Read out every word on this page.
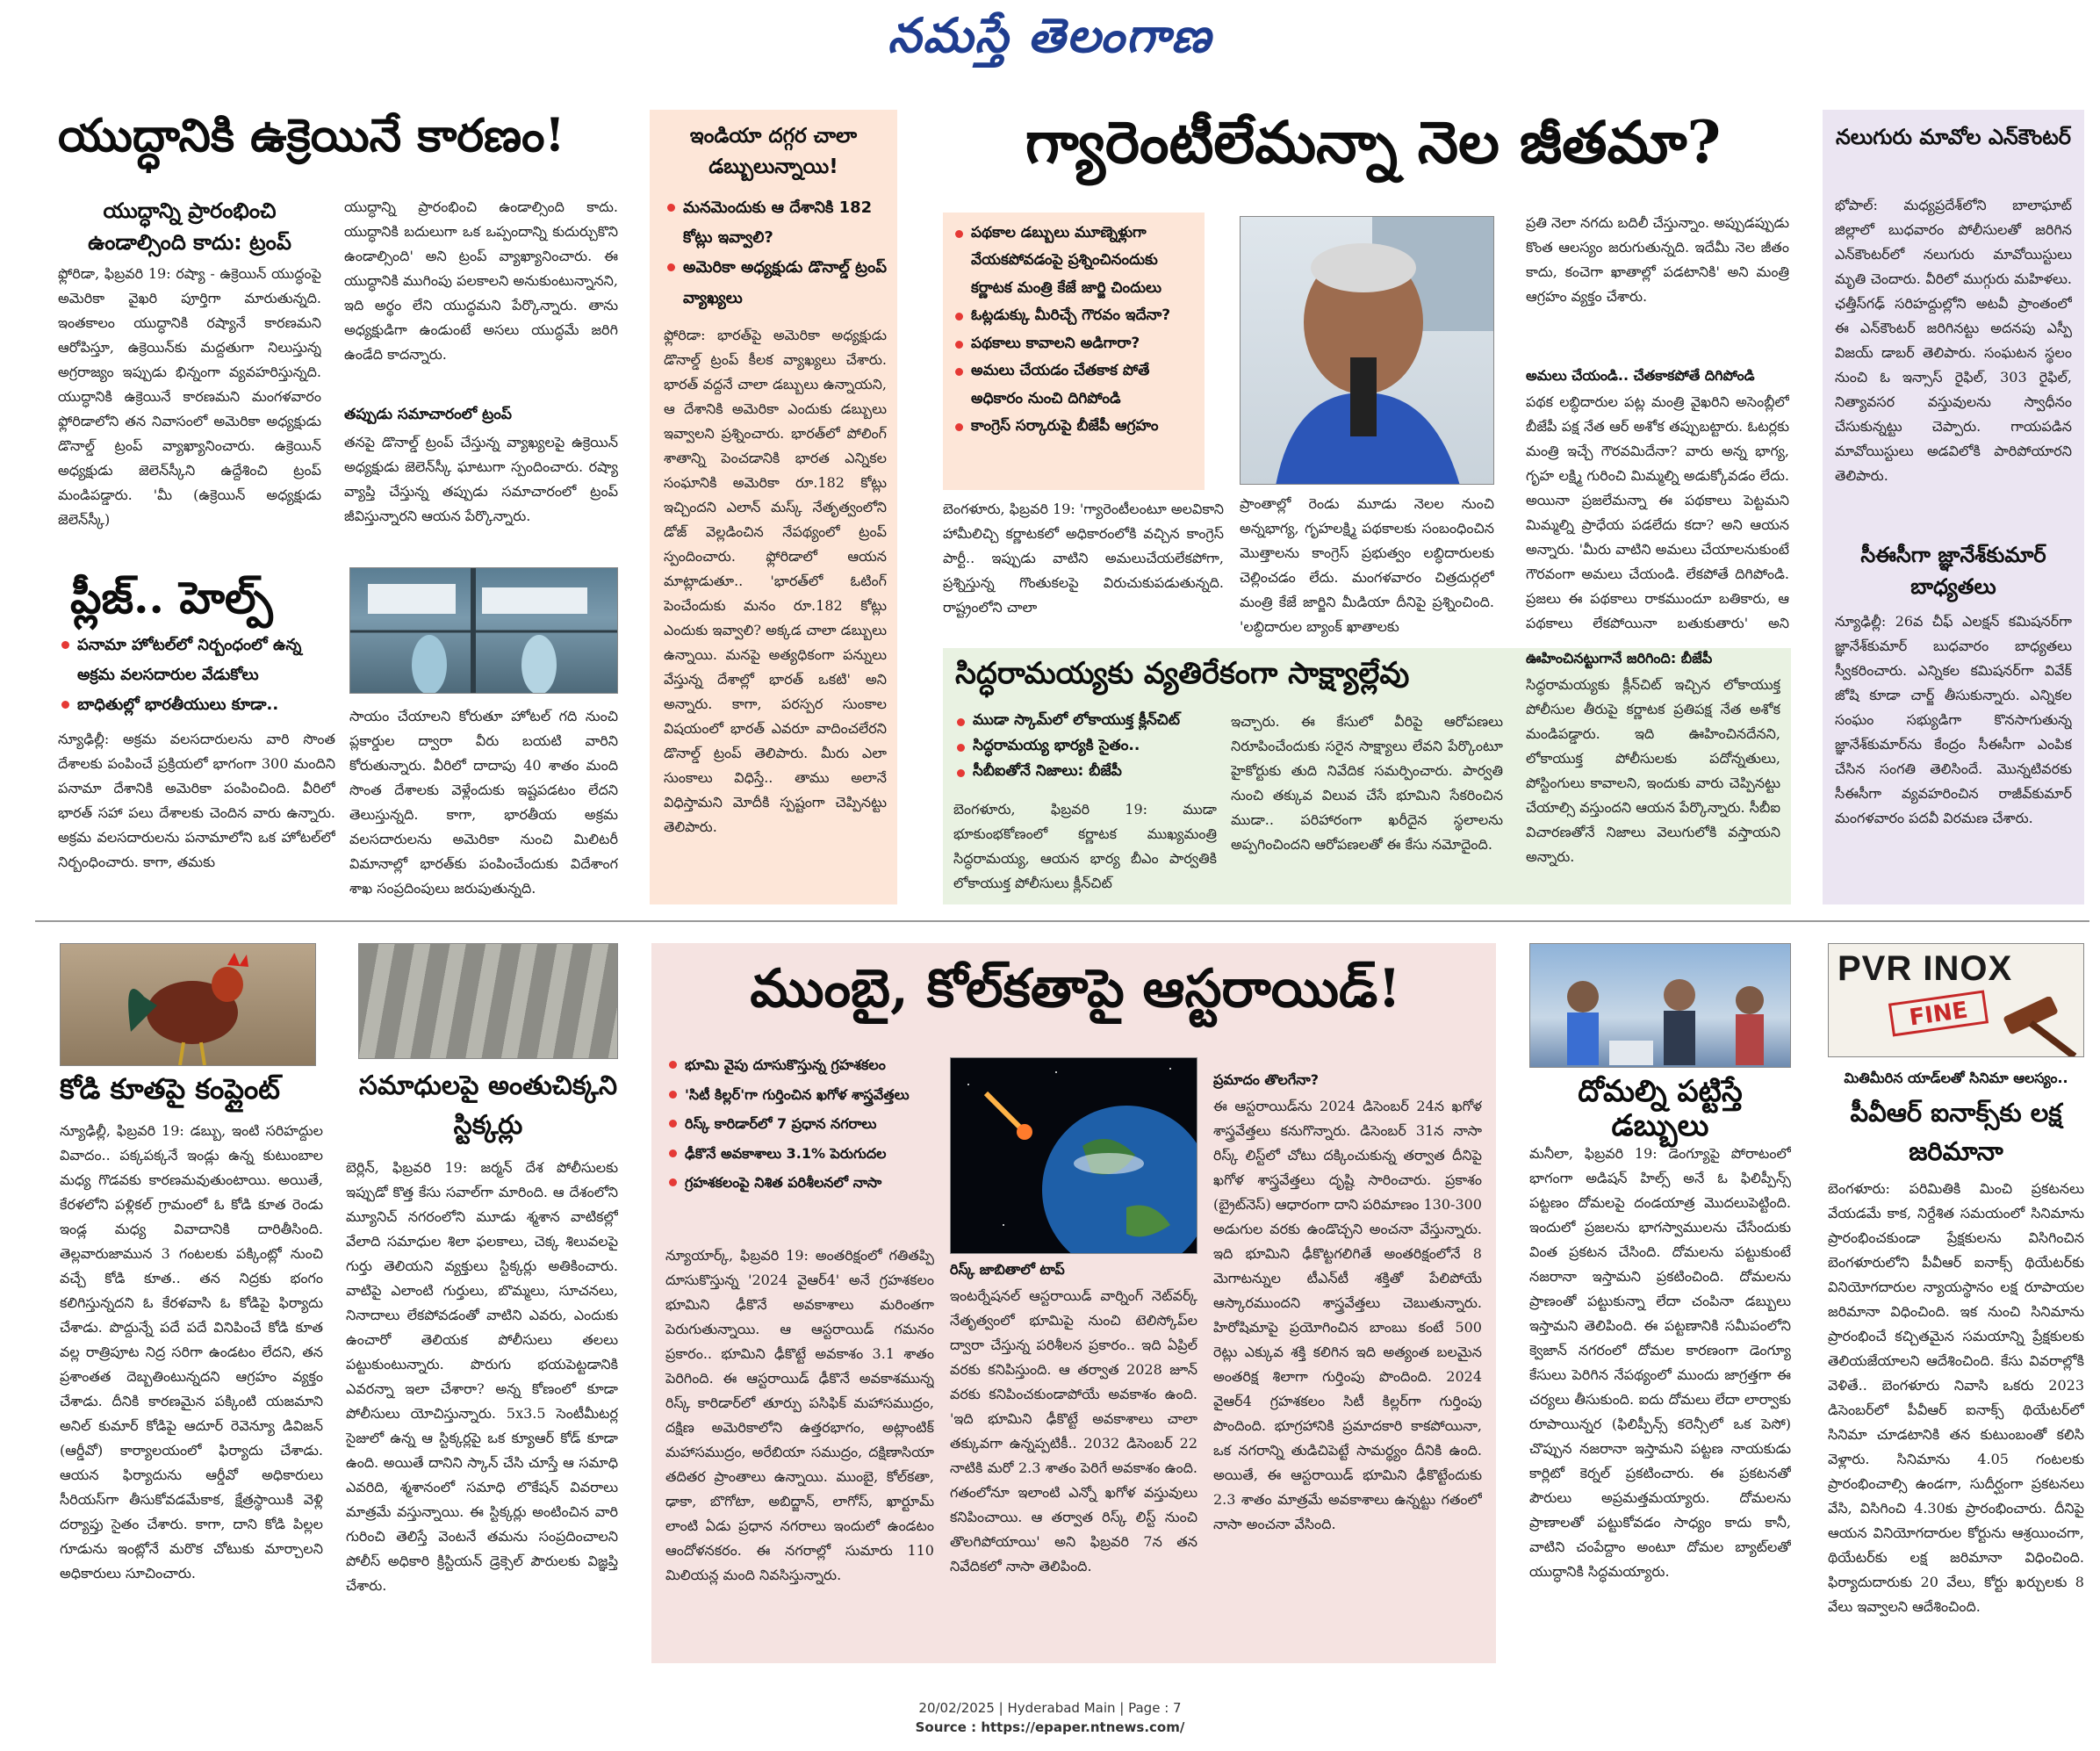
నమస్తే తెలంగాణ
యుద్ధానికి ఉక్రెయినే కారణం!
యుద్ధాన్ని ప్రారంభించి ఉండాల్సింది కాదు: ట్రంప్
ఫ్లోరిడా, ఫిబ్రవరి 19: రష్యా - ఉక్రెయిన్ యుద్ధంపై అమెరికా వైఖరి పూర్తిగా మారుతున్నది. ఇంతకాలం యుద్ధానికి రష్యానే కారణమని ఆరోపిస్తూ, ఉక్రెయిన్‌కు మద్దతుగా నిలుస్తున్న అగ్రరాజ్యం ఇప్పుడు భిన్నంగా వ్యవహరిస్తున్నది. యుద్ధానికి ఉక్రెయినే కారణమని మంగళవారం ఫ్లోరిడాలోని తన నివాసంలో అమెరికా అధ్యక్షుడు డొనాల్డ్ ట్రంప్ వ్యాఖ్యానించారు. ఉక్రెయిన్ అధ్యక్షుడు జెలెన్‌స్కీని ఉద్దేశించి ట్రంప్ మండిపడ్డారు. 'మీ (ఉక్రెయిన్ అధ్యక్షుడు జెలెన్‌స్కీ)
యుద్ధాన్ని ప్రారంభించి ఉండాల్సింది కాదు. యుద్ధానికి బదులుగా ఒక ఒప్పందాన్ని కుదుర్చుకొని ఉండాల్సింది' అని ట్రంప్ వ్యాఖ్యానించారు. ఈ యుద్ధానికి ముగింపు పలకాలని అనుకుంటున్నానని, ఇది అర్థం లేని యుద్ధమని పేర్కొన్నారు. తాను అధ్యక్షుడిగా ఉండుంటే అసలు యుద్ధమే జరిగి ఉండేది కాదన్నారు.
తప్పుడు సమాచారంలో ట్రంప్
తనపై డొనాల్డ్ ట్రంప్ చేస్తున్న వ్యాఖ్యలపై ఉక్రెయిన్ అధ్యక్షుడు జెలెన్‌స్కీ ఘాటుగా స్పందించారు. రష్యా వ్యాప్తి చేస్తున్న తప్పుడు సమాచారంలో ట్రంప్ జీవిస్తున్నారని ఆయన పేర్కొన్నారు.
ప్లీజ్.. హెల్ప్
పనామా హోటల్‌లో నిర్బంధంలో ఉన్న అక్రమ వలసదారుల వేడుకోలు
బాధితుల్లో భారతీయులు కూడా..
న్యూఢిల్లీ: అక్రమ వలసదారులను వారి సొంత దేశాలకు పంపించే ప్రక్రియలో భాగంగా 300 మందిని పనామా దేశానికి అమెరికా పంపించింది. వీరిలో భారత్ సహా పలు దేశాలకు చెందిన వారు ఉన్నారు. అక్రమ వలసదారులను పనామాలోని ఒక హోటల్‌లో నిర్బంధించారు. కాగా, తమకు
సాయం చేయాలని కోరుతూ హోటల్ గది నుంచి ప్లకార్డుల ద్వారా వీరు బయటి వారిని కోరుతున్నారు. వీరిలో దాదాపు 40 శాతం మంది సొంత దేశాలకు వెళ్లేందుకు ఇష్టపడటం లేదని తెలుస్తున్నది. కాగా, భారతీయ అక్రమ వలసదారులను అమెరికా నుంచి మిలిటరీ విమానాల్లో భారత్‌కు పంపించేందుకు విదేశాంగ శాఖ సంప్రదింపులు జరుపుతున్నది.
ఇండియా దగ్గర చాలా డబ్బులున్నాయి!
మనమెందుకు ఆ దేశానికి 182 కోట్లు ఇవ్వాలి?
అమెరికా అధ్యక్షుడు డొనాల్డ్ ట్రంప్ వ్యాఖ్యలు
ఫ్లోరిడా: భారత్‌పై అమెరికా అధ్యక్షుడు డొనాల్డ్ ట్రంప్ కీలక వ్యాఖ్యలు చేశారు. భారత్ వద్దనే చాలా డబ్బులు ఉన్నాయని, ఆ దేశానికి అమెరికా ఎందుకు డబ్బులు ఇవ్వాలని ప్రశ్నించారు. భారత్‌లో పోలింగ్ శాతాన్ని పెంచడానికి భారత ఎన్నికల సంఘానికి అమెరికా రూ.182 కోట్లు ఇచ్చిందని ఎలాన్ మస్క్ నేతృత్వంలోని డోజ్ వెల్లడించిన నేపథ్యంలో ట్రంప్ స్పందించారు. ఫ్లోరిడాలో ఆయన మాట్లాడుతూ.. 'భారత్‌లో ఓటింగ్ పెంచేందుకు మనం రూ.182 కోట్లు ఎందుకు ఇవ్వాలి? అక్కడ చాలా డబ్బులు ఉన్నాయి. మనపై అత్యధికంగా పన్నులు వేస్తున్న దేశాల్లో భారత్ ఒకటి' అని అన్నారు. కాగా, పరస్పర సుంకాల విషయంలో భారత్ ఎవరూ వాదించలేరని డొనాల్డ్ ట్రంప్ తెలిపారు. మీరు ఎలా సుంకాలు విధిస్తే.. తాము అలానే విధిస్తామని మోదీకి స్పష్టంగా చెప్పినట్టు తెలిపారు.
గ్యారెంటీలేమన్నా నెల జీతమా?
పథకాల డబ్బులు మూణ్నెళ్లుగా వేయకపోవడంపై ప్రశ్నించినందుకు కర్ణాటక మంత్రి కేజే జార్జి చిందులు
ఓట్లడుక్కు మీరిచ్చే గౌరవం ఇదేనా?
పథకాలు కావాలని అడిగారా?
అమలు చేయడం చేతకాక పోతే అధికారం నుంచి దిగిపోండి
కాంగ్రెస్ సర్కారుపై బీజేపీ ఆగ్రహం
ప్రాంతాల్లో రెండు మూడు నెలల నుంచి అన్నభాగ్య, గృహలక్ష్మి పథకాలకు సంబంధించిన మొత్తాలను కాంగ్రెస్ ప్రభుత్వం లబ్ధిదారులకు చెల్లించడం లేదు. మంగళవారం చిత్రదుర్గలో మంత్రి కేజే జార్జిని మీడియా దీనిపై ప్రశ్నించింది. 'లబ్ధిదారుల బ్యాంక్ ఖాతాలకు
బెంగళూరు, ఫిబ్రవరి 19: 'గ్యారెంటీలంటూ అలవికాని హామీలిచ్చి కర్ణాటకలో అధికారంలోకి వచ్చిన కాంగ్రెస్ పార్టీ.. ఇప్పుడు వాటిని అమలుచేయలేకపోగా, ప్రశ్నిస్తున్న గొంతుకలపై విరుచుకుపడుతున్నది. రాష్ట్రంలోని చాలా
ప్రతి నెలా నగదు బదిలీ చేస్తున్నాం. అప్పుడప్పుడు కొంత ఆలస్యం జరుగుతున్నది. ఇదేమీ నెల జీతం కాదు, కంచెగా ఖాతాల్లో పడటానికి' అని మంత్రి ఆగ్రహం వ్యక్తం చేశారు.
అమలు చేయండి.. చేతకాకపోతే దిగిపోండి
పథక లబ్ధిదారుల పట్ల మంత్రి వైఖరిని అసెంబ్లీలో బీజేపీ పక్ష నేత ఆర్ అశోక తప్పుబట్టారు. ఓటర్లకు మంత్రి ఇచ్చే గౌరవమిదేనా? వారు అన్న భాగ్య, గృహ లక్ష్మి గురించి మిమ్మల్ని అడుక్కోవడం లేదు. అయినా ప్రజలేమన్నా ఈ పథకాలు పెట్టమని మిమ్మల్ని ప్రాధేయ పడలేదు కదా? అని ఆయన అన్నారు. 'మీరు వాటిని అమలు చేయాలనుకుంటే గౌరవంగా అమలు చేయండి. లేకపోతే దిగిపోండి. ప్రజలు ఈ పథకాలు రాకముందూ బతికారు, ఆ పథకాలు లేకపోయినా బతుకుతారు' అని
సిద్ధరామయ్యకు వ్యతిరేకంగా సాక్ష్యాల్లేవు
ముడా స్కామ్‌లో లోకాయుక్త క్లీన్‌చిట్
సిద్ధరామయ్య భార్యకి సైతం..
సీబీఐతోనే నిజాలు: బీజేపీ
బెంగళూరు, ఫిబ్రవరి 19: ముడా భూకుంభకోణంలో కర్ణాటక ముఖ్యమంత్రి సిద్ధరామయ్య, ఆయన భార్య బీఎం పార్వతికి లోకాయుక్త పోలీసులు క్లీన్‌చిట్
ఇచ్చారు. ఈ కేసులో వీరిపై ఆరోపణలు నిరూపించేందుకు సరైన సాక్ష్యాలు లేవని పేర్కొంటూ హైకోర్టుకు తుది నివేదిక సమర్పించారు. పార్వతి నుంచి తక్కువ విలువ చేసే భూమిని సేకరించిన ముడా.. పరిహారంగా ఖరీదైన స్థలాలను అప్పగించిందని ఆరోపణలతో ఈ కేసు నమోదైంది.
ఊహించినట్టుగానే జరిగింది: బీజేపీ
సిద్ధరామయ్యకు క్లీన్‌చిట్ ఇచ్చిన లోకాయుక్త పోలీసుల తీరుపై కర్ణాటక ప్రతిపక్ష నేత అశోక మండిపడ్డారు. ఇది ఊహించినదేనని, లోకాయుక్త పోలీసులకు పదోన్నతులు, పోస్టింగులు కావాలని, ఇందుకు వారు చెప్పినట్టు చేయాల్సి వస్తుందని ఆయన పేర్కొన్నారు. సీబీఐ విచారణతోనే నిజాలు వెలుగులోకి వస్తాయని అన్నారు.
నలుగురు మావోల ఎన్‌కౌంటర్
భోపాల్: మధ్యప్రదేశ్‌లోని బాలాఘాట్ జిల్లాలో బుధవారం పోలీసులతో జరిగిన ఎన్‌కౌంటర్‌లో నలుగురు మావోయిస్టులు మృతి చెందారు. వీరిలో ముగ్గురు మహిళలు. ఛత్తీస్‌గఢ్ సరిహద్దుల్లోని అటవీ ప్రాంతంలో ఈ ఎన్‌కౌంటర్ జరిగినట్టు అదనపు ఎస్పీ విజయ్ డాబర్ తెలిపారు. సంఘటన స్థలం నుంచి ఓ ఇన్సాస్ రైఫిల్, 303 రైఫిల్, నిత్యావసర వస్తువులను స్వాధీనం చేసుకున్నట్టు చెప్పారు. గాయపడిన మావోయిస్టులు అడవిలోకి పారిపోయారని తెలిపారు.
సీఈసీగా జ్ఞానేశ్‌కుమార్ బాధ్యతలు
న్యూఢిల్లీ: 26వ చీఫ్ ఎలక్షన్ కమిషనర్‌గా జ్ఞానేశ్‌కుమార్ బుధవారం బాధ్యతలు స్వీకరించారు. ఎన్నికల కమిషనర్‌గా వివేక్ జోషి కూడా చార్జ్ తీసుకున్నారు. ఎన్నికల సంఘం సభ్యుడిగా కొనసాగుతున్న జ్ఞానేశ్‌కుమార్‌ను కేంద్రం సీఈసీగా ఎంపిక చేసిన సంగతి తెలిసిందే. మొన్నటివరకు సీఈసీగా వ్యవహరించిన రాజీవ్‌కుమార్ మంగళవారం పదవీ విరమణ చేశారు.
కోడి కూతపై కంప్లైంట్
న్యూఢిల్లీ, ఫిబ్రవరి 19: డబ్బు, ఇంటి సరిహద్దుల వివాదం.. పక్కపక్కనే ఇండ్లు ఉన్న కుటుంబాల మధ్య గొడవకు కారణమవుతుంటాయి. అయితే, కేరళలోని పళ్లికల్ గ్రామంలో ఓ కోడి కూత రెండు ఇండ్ల మధ్య వివాదానికి దారితీసింది. తెల్లవారుజామున 3 గంటలకు పక్కింట్లో నుంచి వచ్చే కోడి కూత.. తన నిద్రకు భంగం కలిగిస్తున్నదని ఓ కేరళవాసి ఓ కోడిపై ఫిర్యాదు చేశాడు. పొద్దున్నే పదే పదే వినిపించే కోడి కూత వల్ల రాత్రిపూట నిద్ర సరిగా ఉండటం లేదని, తన ప్రశాంతత దెబ్బతింటున్నదని ఆగ్రహం వ్యక్తం చేశాడు. దీనికి కారణమైన పక్కింటి యజమాని అనిల్ కుమార్ కోడిపై ఆదూర్ రెవెన్యూ డివిజన్ (ఆర్డీవో) కార్యాలయంలో ఫిర్యాదు చేశాడు. ఆయన ఫిర్యాదును ఆర్డీవో అధికారులు సీరియస్‌గా తీసుకోవడమేకాక, క్షేత్రస్థాయికి వెళ్లి దర్యాప్తు సైతం చేశారు. కాగా, దాని కోడి పిల్లల గూడును ఇంట్లోనే మరొక చోటుకు మార్చాలని అధికారులు సూచించారు.
సమాధులపై అంతుచిక్కని స్టిక్కర్లు
బెర్లిన్, ఫిబ్రవరి 19: జర్మన్ దేశ పోలీసులకు ఇప్పుడో కొత్త కేసు సవాల్‌గా మారింది. ఆ దేశంలోని మ్యూనిచ్ నగరంలోని మూడు శ్మశాన వాటికల్లో వేలాది సమాధుల శిలా ఫలకాలు, చెక్క శిలువలపై గుర్తు తెలియని వ్యక్తులు స్టిక్కర్లు అతికించారు. వాటిపై ఎలాంటి గుర్తులు, బొమ్మలు, సూచనలు, నినాదాలు లేకపోవడంతో వాటిని ఎవరు, ఎందుకు ఉంచారో తెలియక పోలీసులు తలలు పట్టుకుంటున్నారు. పొరుగు భయపెట్టడానికి ఎవరన్నా ఇలా చేశారా? అన్న కోణంలో కూడా పోలీసులు యోచిస్తున్నారు. 5x3.5 సెంటీమీటర్ల సైజులో ఉన్న ఆ స్టిక్కర్లపై ఒక క్యూఆర్ కోడ్ కూడా ఉంది. అయితే దానిని స్కాన్ చేసి చూస్తే ఆ సమాధి ఎవరిది, శ్మశానంలో సమాధి లొకేషన్ వివరాలు మాత్రమే వస్తున్నాయి. ఈ స్టిక్కర్లు అంటించిన వారి గురించి తెలిస్తే వెంటనే తమను సంప్రదించాలని పోలీస్ అధికారి క్రిస్టియన్ డ్రెక్సెల్ పౌరులకు విజ్ఞప్తి చేశారు.
ముంబై, కోల్‌కతాపై ఆస్టరాయిడ్!
భూమి వైపు దూసుకొస్తున్న గ్రహశకలం
'సిటీ కిల్లర్'గా గుర్తించిన ఖగోళ శాస్త్రవేత్తలు
రిస్క్ కారిడార్‌లో 7 ప్రధాన నగరాలు
ఢీకొనే అవకాశాలు 3.1% పెరుగుదల
గ్రహశకలంపై నిశిత పరిశీలనలో నాసా
న్యూయార్క్, ఫిబ్రవరి 19: అంతరిక్షంలో గతితప్పి దూసుకొస్తున్న '2024 వైఆర్4' అనే గ్రహశకలం భూమిని ఢీకొనే అవకాశాలు మరింతగా పెరుగుతున్నాయి. ఆ ఆస్టరాయిడ్ గమనం ప్రకారం.. భూమిని ఢీకొట్టే అవకాశం 3.1 శాతం పెరిగింది. ఈ ఆస్టరాయిడ్ ఢీకొనే అవకాశమున్న రిస్క్ కారిడార్‌లో తూర్పు పసిఫిక్ మహాసముద్రం, దక్షిణ అమెరికాలోని ఉత్తరభాగం, అట్లాంటిక్ మహాసముద్రం, అరేబియా సముద్రం, దక్షిణాసియా తదితర ప్రాంతాలు ఉన్నాయి. ముంబై, కోల్‌కతా, ఢాకా, బొగోటా, అబిద్జాన్, లాగోస్, ఖార్టూమ్ లాంటి ఏడు ప్రధాన నగరాలు ఇందులో ఉండటం ఆందోళనకరం. ఈ నగరాల్లో సుమారు 110 మిలియన్ల మంది నివసిస్తున్నారు.
రిస్క్ జాబితాలో టాప్
ఇంటర్నేషనల్ ఆస్టరాయిడ్ వార్నింగ్ నెట్‌వర్క్ నేతృత్వంలో భూమిపై నుంచి టెలిస్కోప్‌ల ద్వారా చేస్తున్న పరిశీలన ప్రకారం.. ఇది ఏప్రిల్ వరకు కనిపిస్తుంది. ఆ తర్వాత 2028 జూన్ వరకు కనిపించకుండాపోయే అవకాశం ఉంది. 'ఇది భూమిని ఢీకొట్టే అవకాశాలు చాలా తక్కువగా ఉన్నప్పటికీ.. 2032 డిసెంబర్ 22 నాటికి మరో 2.3 శాతం పెరిగే అవకాశం ఉంది. గతంలోనూ ఇలాంటి ఎన్నో ఖగోళ వస్తువులు కనిపించాయి. ఆ తర్వాత రిస్క్ లిస్ట్ నుంచి తొలగిపోయాయి' అని ఫిబ్రవరి 7న తన నివేదికలో నాసా తెలిపింది.
ప్రమాదం తొలగేనా?
ఈ ఆస్టరాయిడ్‌ను 2024 డిసెంబర్ 24న ఖగోళ శాస్త్రవేత్తలు కనుగొన్నారు. డిసెంబర్ 31న నాసా రిస్క్ లిస్ట్‌లో చోటు దక్కించుకున్న తర్వాత దీనిపై ఖగోళ శాస్త్రవేత్తలు దృష్టి సారించారు. ప్రకాశం (బ్రైట్‌నెస్) ఆధారంగా దాని పరిమాణం 130-300 అడుగుల వరకు ఉండొచ్చని అంచనా వేస్తున్నారు. ఇది భూమిని ఢీకొట్టగలిగితే అంతరిక్షంలోనే 8 మెగాటన్నుల టీఎన్‌టీ శక్తితో పేలిపోయే ఆస్కారముందని శాస్త్రవేత్తలు చెబుతున్నారు. హిరోషిమాపై ప్రయోగించిన బాంబు కంటే 500 రెట్లు ఎక్కువ శక్తి కలిగిన ఇది అత్యంత బలమైన అంతరిక్ష శిలాగా గుర్తింపు పొందింది. 2024 వైఆర్4 గ్రహశకలం సిటీ కిల్లర్‌గా గుర్తింపు పొందింది. భూగ్రహానికి ప్రమాదకారి కాకపోయినా, ఒక నగరాన్ని తుడిచిపెట్టే సామర్థ్యం దీనికి ఉంది. అయితే, ఈ ఆస్టరాయిడ్ భూమిని ఢీకొట్టేందుకు 2.3 శాతం మాత్రమే అవకాశాలు ఉన్నట్టు గతంలో నాసా అంచనా వేసింది.
దోమల్ని పట్టిస్తే డబ్బులు
మనీలా, ఫిబ్రవరి 19: డెంగ్యూపై పోరాటంలో భాగంగా అడిషన్ హిల్స్ అనే ఓ ఫిలిప్పీన్స్ పట్టణం దోమలపై దండయాత్ర మొదలుపెట్టింది. ఇందులో ప్రజలను భాగస్వాములను చేసేందుకు వింత ప్రకటన చేసింది. దోమలను పట్టుకుంటే నజరానా ఇస్తామని ప్రకటించింది. దోమలను ప్రాణంతో పట్టుకున్నా లేదా చంపినా డబ్బులు ఇస్తామని తెలిపింది. ఈ పట్టణానికి సమీపంలోని క్వెజాన్ నగరంలో దోమల కారణంగా డెంగ్యూ కేసులు పెరిగిన నేపథ్యంలో ముందు జాగ్రత్తగా ఈ చర్యలు తీసుకుంది. ఐదు దోమలు లేదా లార్వాకు రూపాయిన్నర (ఫిలిప్పీన్స్ కరెన్సీలో ఒక పెసో) చొప్పున నజరానా ఇస్తామని పట్టణ నాయకుడు కార్లిటో కెర్నల్ ప్రకటించారు. ఈ ప్రకటనతో పౌరులు అప్రమత్తమయ్యారు. దోమలను ప్రాణాలతో పట్టుకోవడం సాధ్యం కాదు కానీ, వాటిని చంపేద్దాం అంటూ దోమల బ్యాట్‌లతో యుద్ధానికి సిద్ధమయ్యారు.
PVR INOX
FINE
మితిమీరిన యాడ్‌లతో సినిమా ఆలస్యం..
పీవీఆర్ ఐనాక్స్‌కు లక్ష జరిమానా
బెంగళూరు: పరిమితికి మించి ప్రకటనలు వేయడమే కాక, నిర్దేశిత సమయంలో సినిమాను ప్రారంభించకుండా ప్రేక్షకులను విసిగించిన బెంగళూరులోని పీవీఆర్ ఐనాక్స్ థియేటర్‌కు వినియోగదారుల న్యాయస్థానం లక్ష రూపాయల జరిమానా విధించింది. ఇక నుంచి సినిమాను ప్రారంభించే కచ్చితమైన సమయాన్ని ప్రేక్షకులకు తెలియజేయాలని ఆదేశించింది. కేసు వివరాల్లోకి వెళితే.. బెంగళూరు నివాసి ఒకరు 2023 డిసెంబర్‌లో పీవీఆర్ ఐనాక్స్ థియేటర్‌లో సినిమా చూడటానికి తన కుటుంబంతో కలిసి వెళ్లారు. సినిమాను 4.05 గంటలకు ప్రారంభించాల్సి ఉండగా, సుదీర్ఘంగా ప్రకటనలు వేసి, విసిగించి 4.30కు ప్రారంభించారు. దీనిపై ఆయన వినియోగదారుల కోర్టును ఆశ్రయించగా, థియేటర్‌కు లక్ష జరిమానా విధించింది. ఫిర్యాదుదారుకు 20 వేలు, కోర్టు ఖర్చులకు 8 వేలు ఇవ్వాలని ఆదేశించింది.
20/02/2025 | Hyderabad Main | Page : 7
Source : https://epaper.ntnews.com/
